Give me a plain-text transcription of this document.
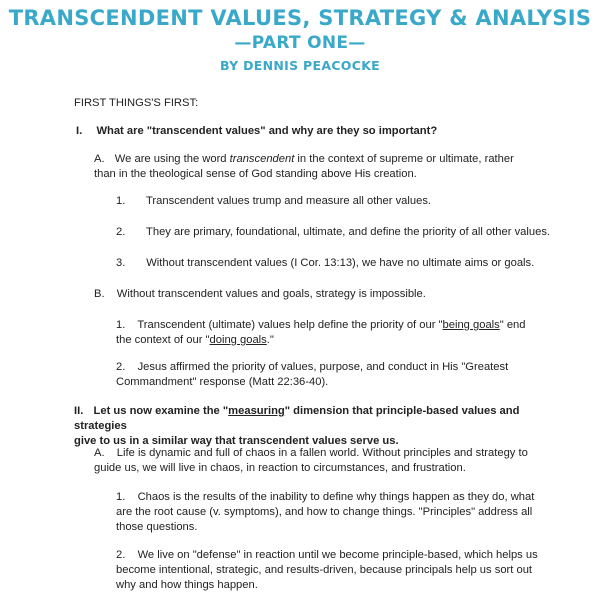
TRANSCENDENT VALUES, STRATEGY & ANALYSIS
—PART ONE—
BY DENNIS PEACOCKE

FIRST THINGS'S FIRST:

I. What are "transcendent values" and why are they so important?

A. We are using the word transcendent in the context of supreme or ultimate, rather
than in the theological sense of God standing above His creation.

1. Transcendent values trump and measure all other values.

2. They are primary, foundational, ultimate, and define the priority of all other values.

3. Without transcendent values (I Cor. 13:13), we have no ultimate aims or goals.

B. Without transcendent values and goals, strategy is impossible.

1. Transcendent (ultimate) values help define the priority of our "being goals" end
the context of our "doing goals."

2. Jesus affirmed the priority of values, purpose, and conduct in His "Greatest
Commandment" response (Matt 22:36-40).

II. Let us now examine the "measuring" dimension that principle-based values and strategies
give to us in a similar way that transcendent values serve us.

A. Life is dynamic and full of chaos in a fallen world. Without principles and strategy to
guide us, we will live in chaos, in reaction to circumstances, and frustration.

1. Chaos is the results of the inability to define why things happen as they do, what
are the root cause (v. symptoms), and how to change things. "Principles" address all
those questions.

2. We live on "defense" in reaction until we become principle-based, which helps us
become intentional, strategic, and results-driven, because principals help us sort out
why and how things happen.
